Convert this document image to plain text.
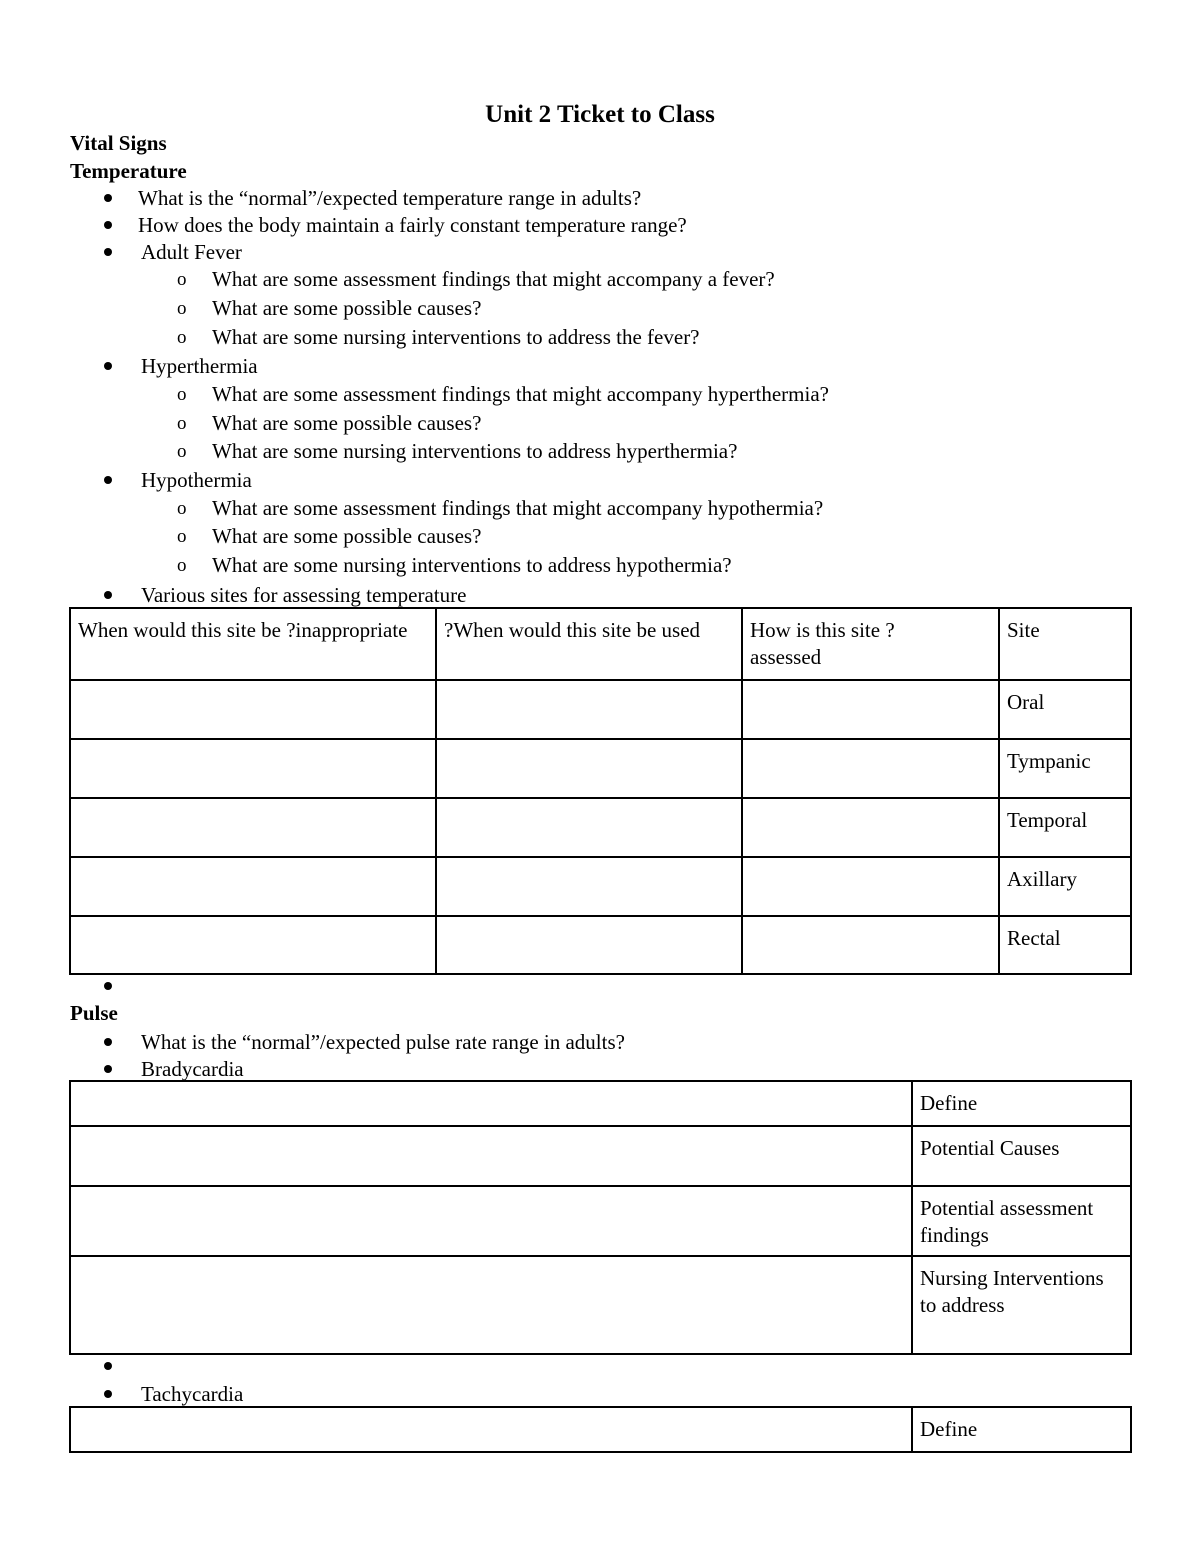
Unit 2 Ticket to Class
Vital Signs
Temperature
What is the “normal”/expected temperature range in adults?
How does the body maintain a fairly constant temperature range?
Adult Fever
o What are some assessment findings that might accompany a fever?
o What are some possible causes?
o What are some nursing interventions to address the fever?
Hyperthermia
o What are some assessment findings that might accompany hyperthermia?
o What are some possible causes?
o What are some nursing interventions to address hyperthermia?
Hypothermia
o What are some assessment findings that might accompany hypothermia?
o What are some possible causes?
o What are some nursing interventions to address hypothermia?
Various sites for assessing temperature
When would this site be ?inappropriate	?When would this site be used	How is this site ?assessed	Site
			Oral
			Tympanic
			Temporal
			Axillary
			Rectal
Pulse
What is the “normal”/expected pulse rate range in adults?
Bradycardia
	Define
	Potential Causes
	Potential assessment findings
	Nursing Interventions to address
Tachycardia
	Define
